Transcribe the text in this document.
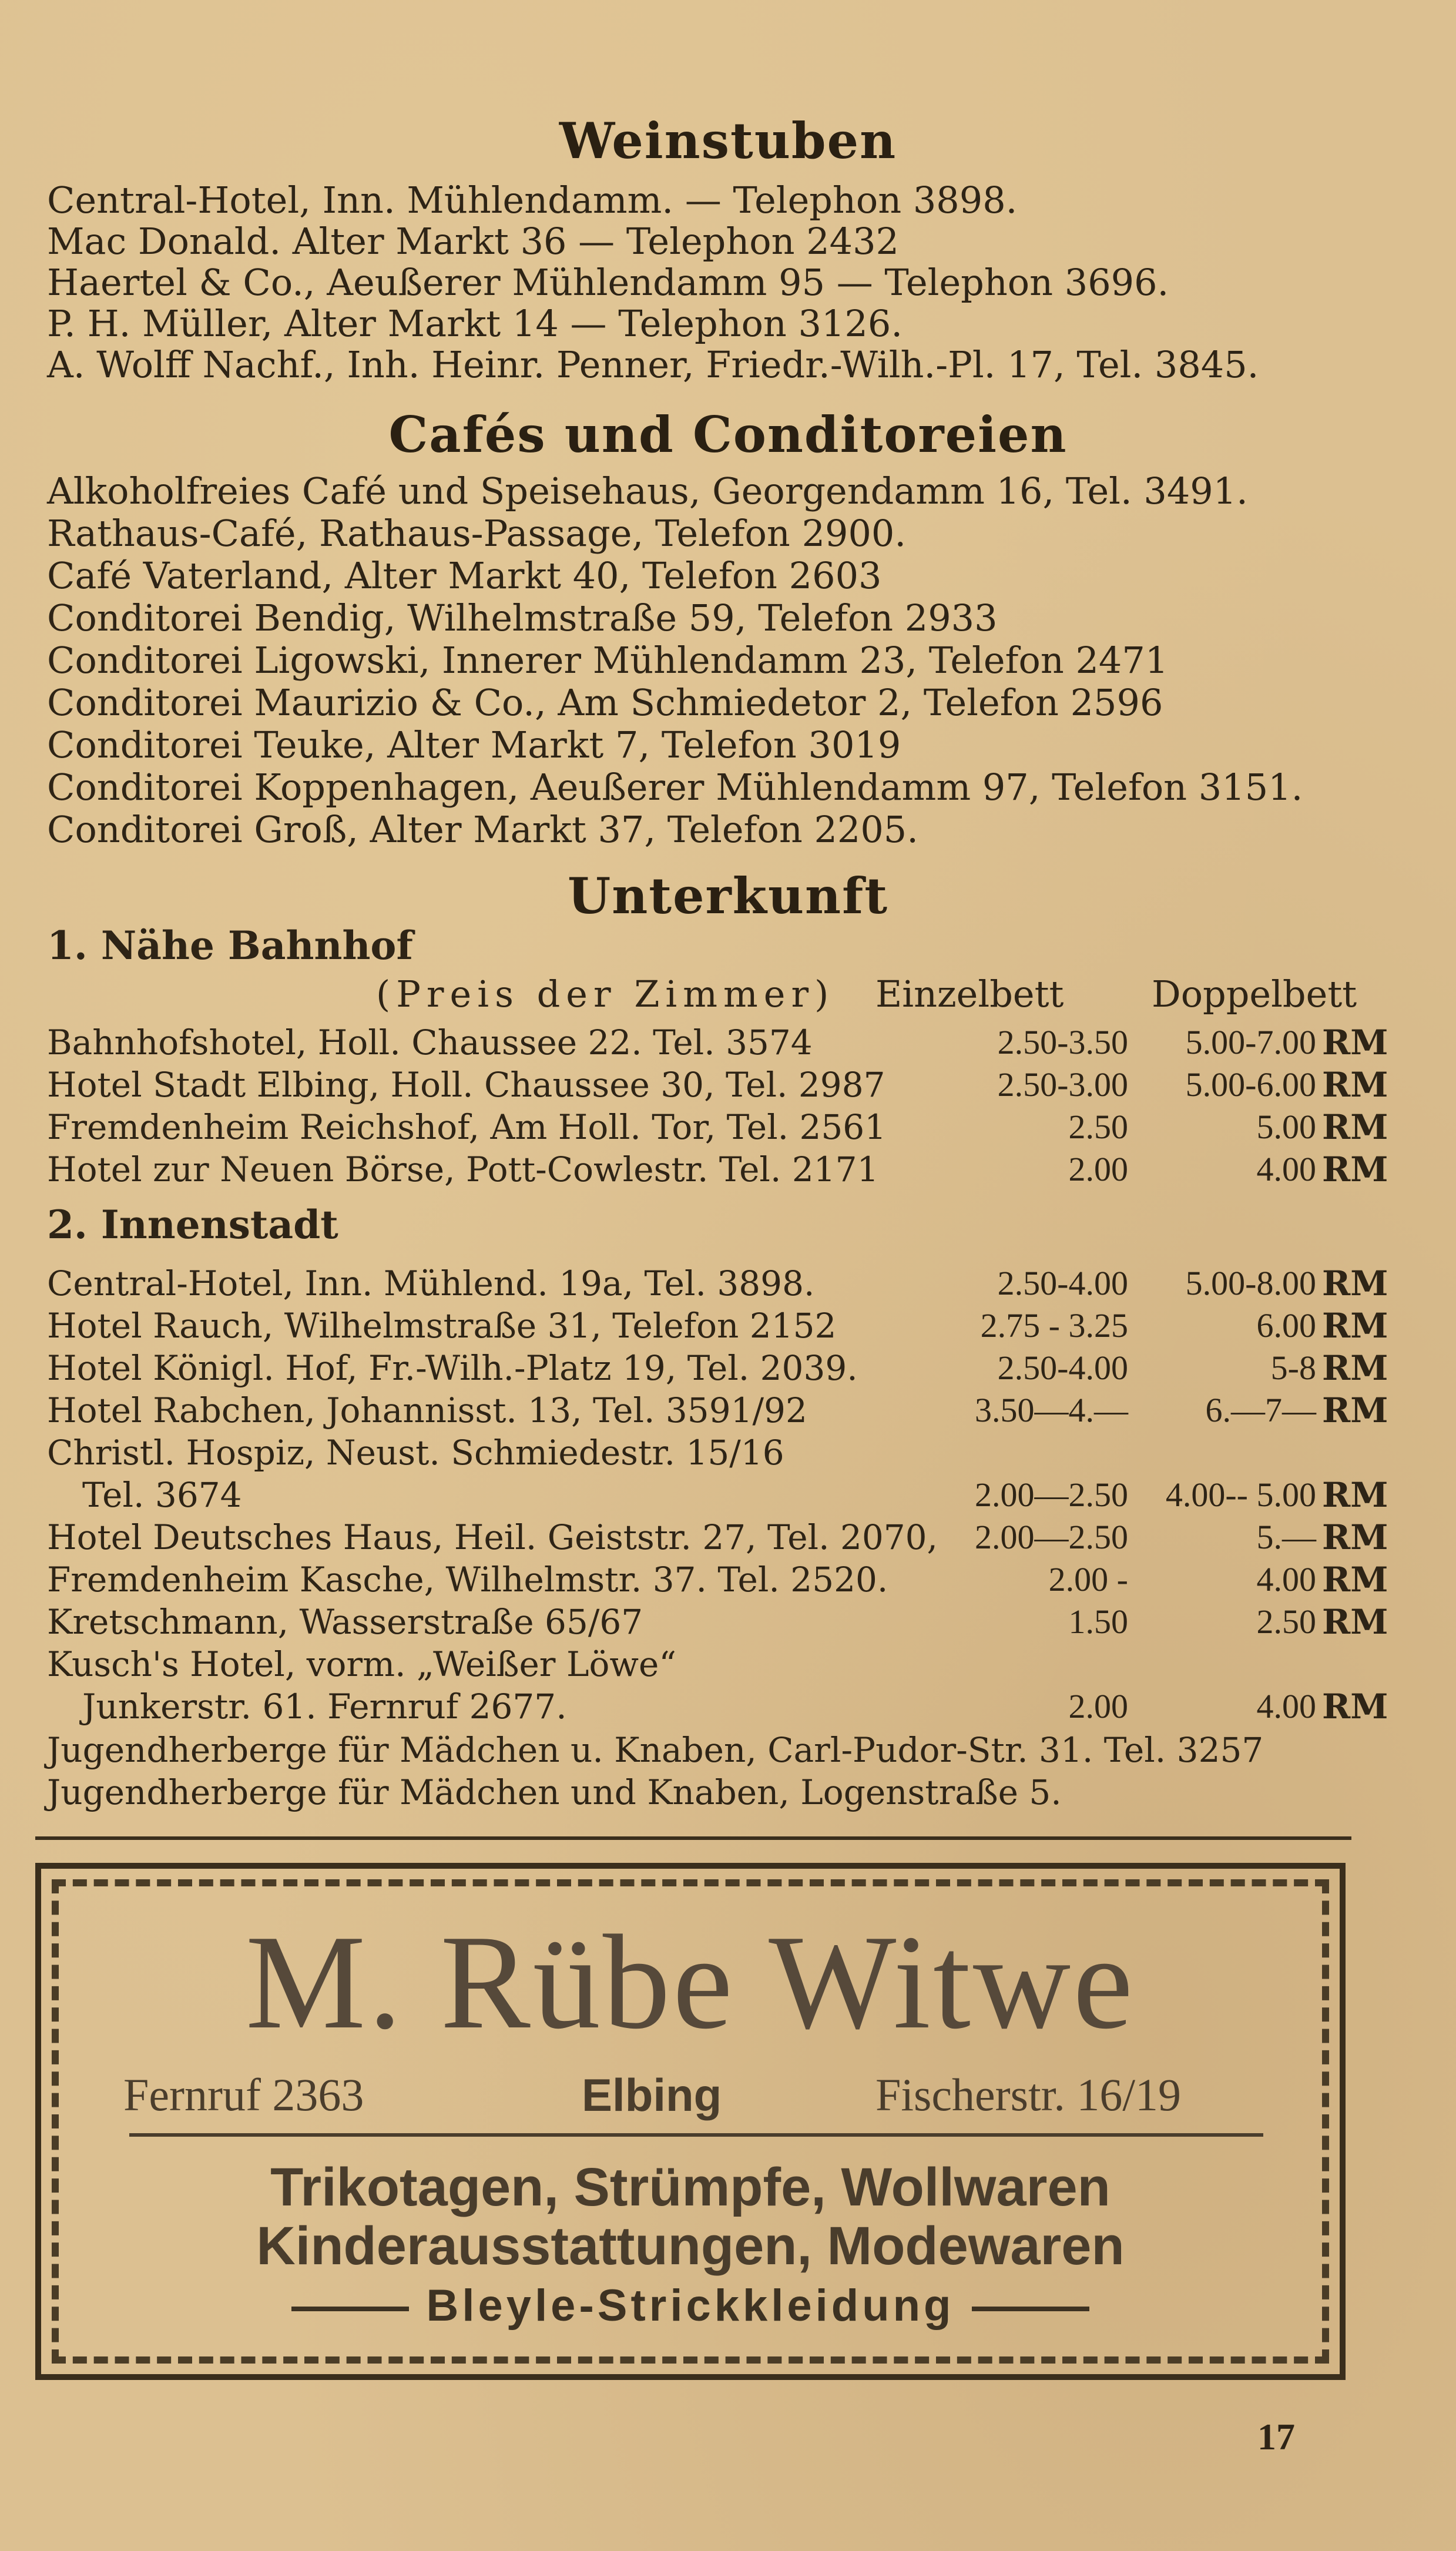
Weinstuben
Central-Hotel, Inn. Mühlendamm. — Telephon 3898.
Mac Donald. Alter Markt 36 — Telephon 2432
Haertel & Co., Aeußerer Mühlendamm 95 — Telephon 3696.
P. H. Müller, Alter Markt 14 — Telephon 3126.
A. Wolff Nachf., Inh. Heinr. Penner, Friedr.-Wilh.-Pl. 17, Tel. 3845.
Cafés und Conditoreien
Alkoholfreies Café und Speisehaus, Georgendamm 16, Tel. 3491.
Rathaus-Café, Rathaus-Passage, Telefon 2900.
Café Vaterland, Alter Markt 40, Telefon 2603
Conditorei Bendig, Wilhelmstraße 59, Telefon 2933
Conditorei Ligowski, Innerer Mühlendamm 23, Telefon 2471
Conditorei Maurizio & Co., Am Schmiedetor 2, Telefon 2596
Conditorei Teuke, Alter Markt 7, Telefon 3019
Conditorei Koppenhagen, Aeußerer Mühlendamm 97, Telefon 3151.
Conditorei Groß, Alter Markt 37, Telefon 2205.
Unterkunft
1. Nähe Bahnhof
(Preis der Zimmer) Einzelbett Doppelbett
Bahnhofshotel, Holl. Chaussee 22. Tel. 3574	2.50-3.50	5.00-7.00 RM
Hotel Stadt Elbing, Holl. Chaussee 30, Tel. 2987	2.50-3.00	5.00-6.00 RM
Fremdenheim Reichshof, Am Holl. Tor, Tel. 2561	2.50	5.00 RM
Hotel zur Neuen Börse, Pott-Cowlestr. Tel. 2171	2.00	4.00 RM
2. Innenstadt
Central-Hotel, Inn. Mühlend. 19a, Tel. 3898.	2.50-4.00	5.00-8.00 RM
Hotel Rauch, Wilhelmstraße 31, Telefon 2152	2.75 - 3.25	6.00 RM
Hotel Königl. Hof, Fr.-Wilh.-Platz 19, Tel. 2039.	2.50-4.00	5-8 RM
Hotel Rabchen, Johannisst. 13, Tel. 3591/92	3.50—4.—	6.—7— RM
Christl. Hospiz, Neust. Schmiedestr. 15/16
Tel. 3674	2.00—2.50	4.00-- 5.00 RM
Hotel Deutsches Haus, Heil. Geiststr. 27, Tel. 2070,	2.00—2.50	5.— RM
Fremdenheim Kasche, Wilhelmstr. 37. Tel. 2520.	2.00 -	4.00 RM
Kretschmann, Wasserstraße 65/67	1.50	2.50 RM
Kusch's Hotel, vorm. „Weißer Löwe“
Junkerstr. 61. Fernruf 2677.	2.00	4.00 RM
Jugendherberge für Mädchen u. Knaben, Carl-Pudor-Str. 31. Tel. 3257
Jugendherberge für Mädchen und Knaben, Logenstraße 5.
M. Rübe Witwe
Fernruf 2363	Elbing	Fischerstr. 16/19
Trikotagen, Strümpfe, Wollwaren
Kinderausstattungen, Modewaren
Bleyle-Strickkleidung
17
